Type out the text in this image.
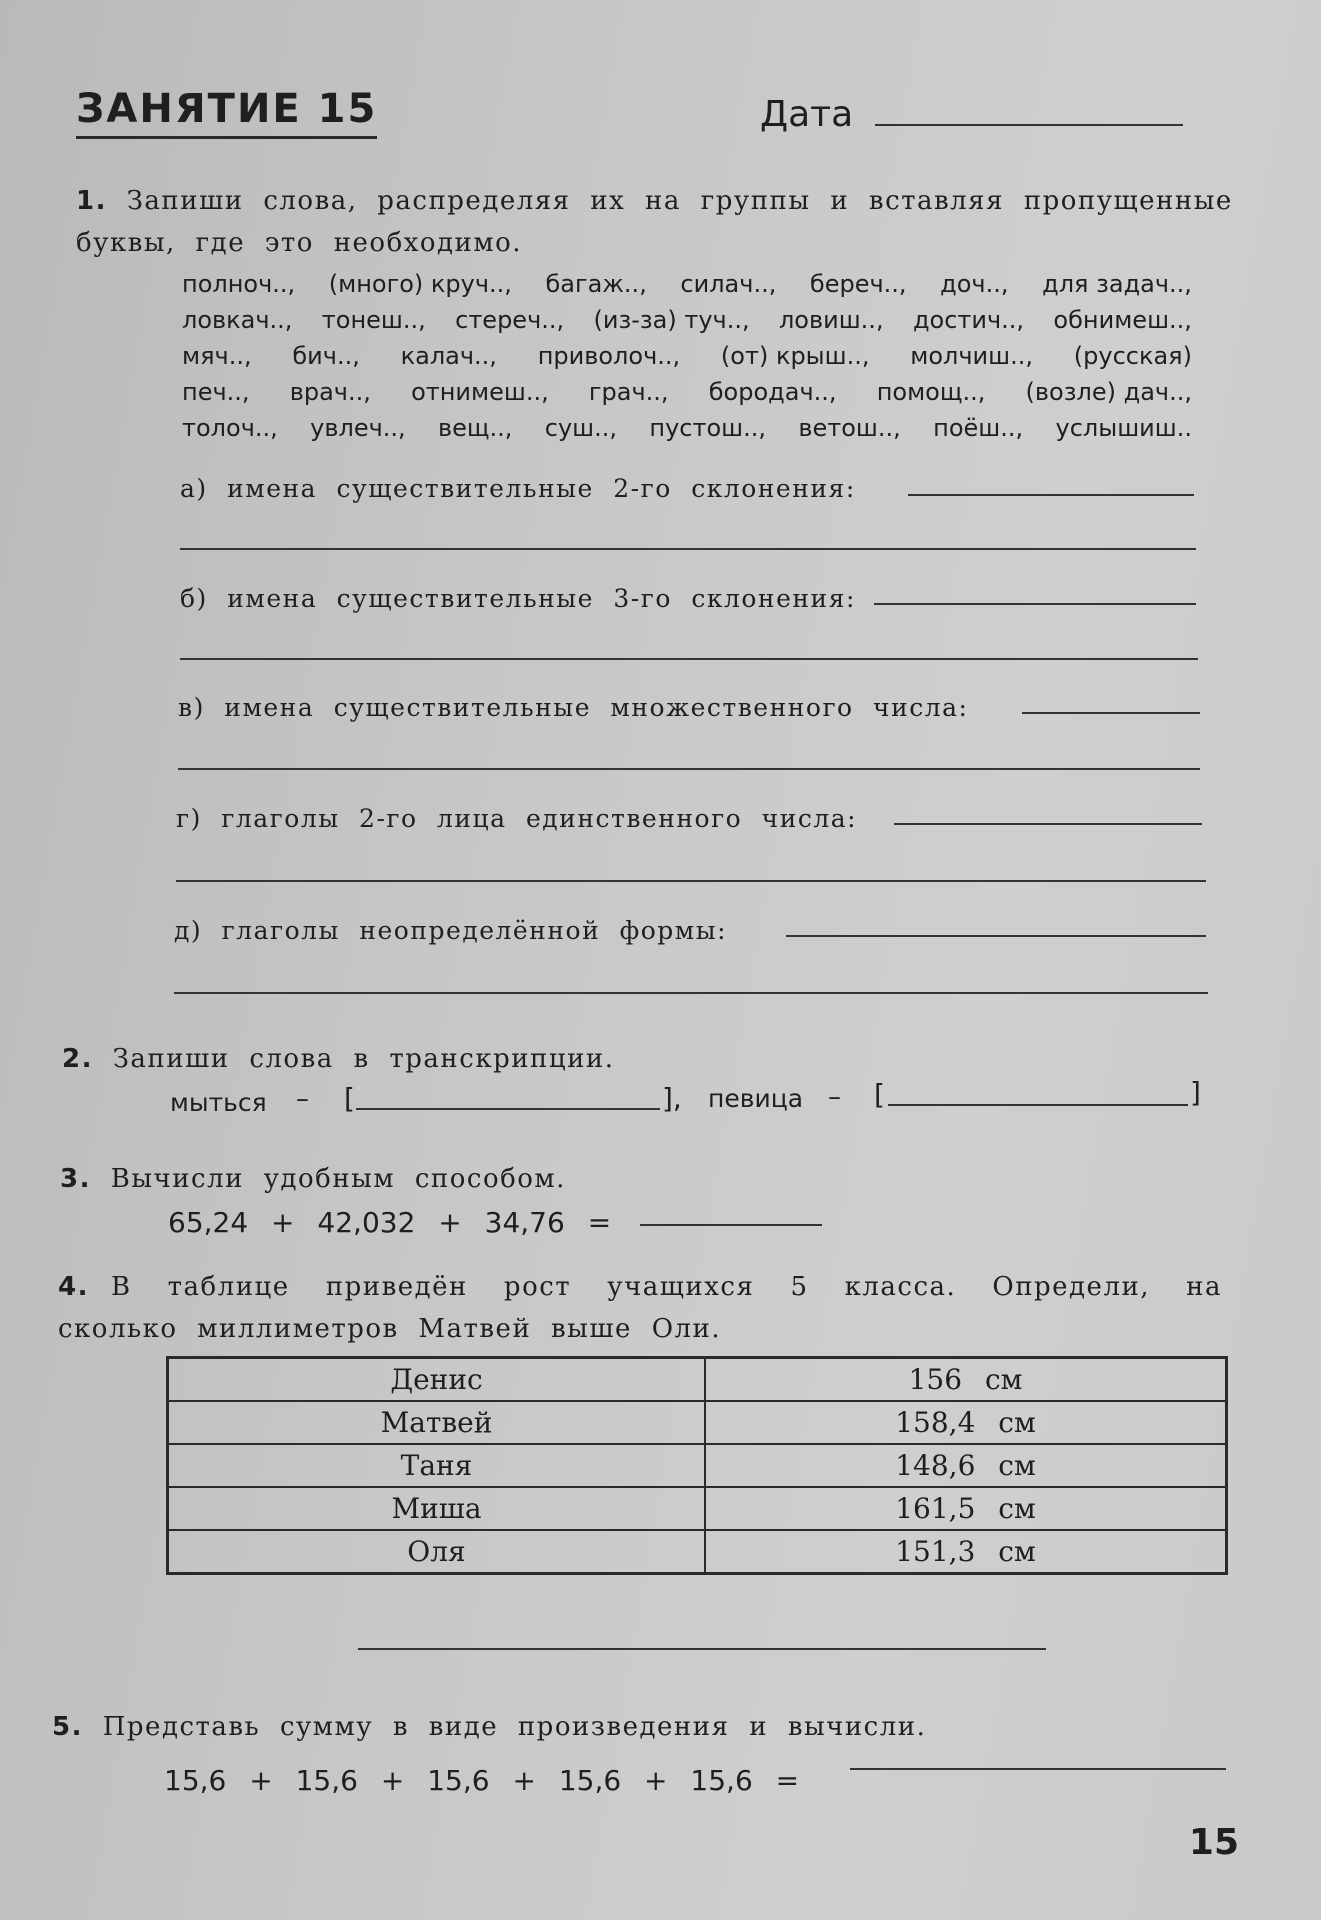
ЗАНЯТИЕ 15	Дата
1. Запиши слова, распределяя их на группы и вставляя пропущенные
буквы, где это необходимо.
полноч.., (много) круч.., багаж.., силач.., береч.., доч.., для задач..,
ловкач.., тонеш.., стереч.., (из-за) туч.., ловиш.., достич.., обнимеш..,
мяч.., бич.., калач.., приволоч.., (от) крыш.., молчиш.., (русская)
печ.., врач.., отнимеш.., грач.., бородач.., помощ.., (возле) дач..,
толоч.., увлеч.., вещ.., суш.., пустош.., ветош.., поёш.., услышиш..
а) имена существительные 2-го склонения:
б) имена существительные 3-го склонения:
в) имена существительные множественного числа:
г) глаголы 2-го лица единственного числа:
д) глаголы неопределённой формы:
2. Запиши слова в транскрипции.
мыться – [	], певица – [	]
3. Вычисли удобным способом.
65,24 + 42,032 + 34,76 =
4. В таблице приведён рост учащихся 5 класса. Определи, на
сколько миллиметров Матвей выше Оли.
Денис	156 см
Матвей	158,4 см
Таня	148,6 см
Миша	161,5 см
Оля	151,3 см
5. Представь сумму в виде произведения и вычисли.
15,6 + 15,6 + 15,6 + 15,6 + 15,6 =
15
